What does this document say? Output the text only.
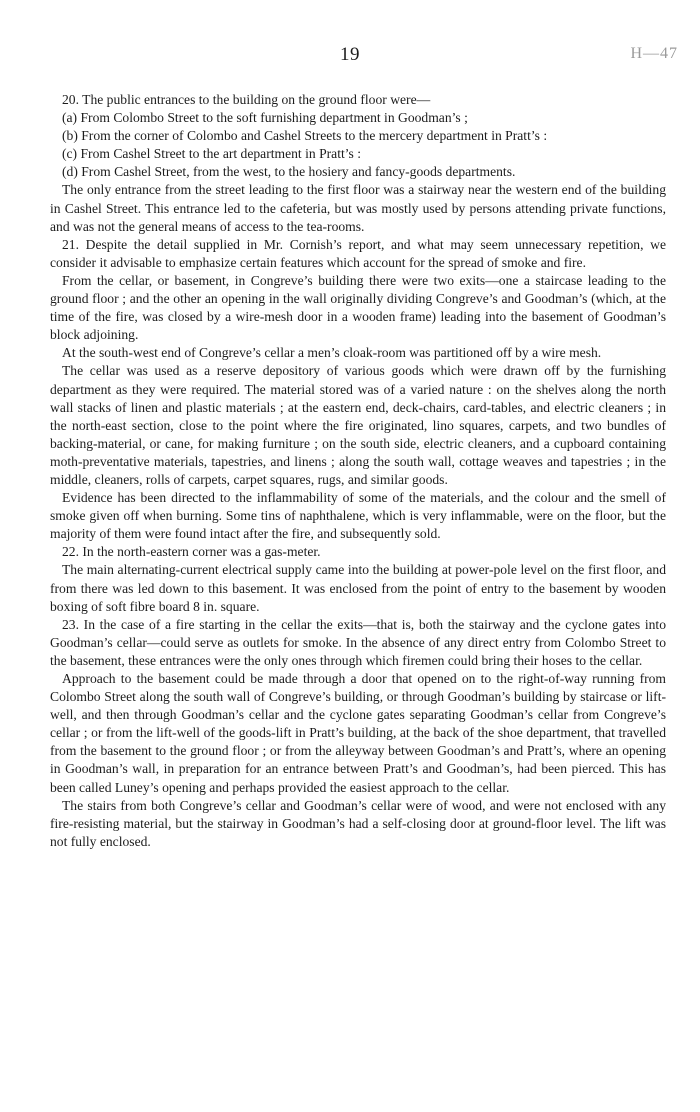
19	H—47

20. The public entrances to the building on the ground floor were—

(a) From Colombo Street to the soft furnishing department in Goodman’s ;

(b) From the corner of Colombo and Cashel Streets to the mercery department in Pratt’s :

(c) From Cashel Street to the art department in Pratt’s :

(d) From Cashel Street, from the west, to the hosiery and fancy-goods departments.

The only entrance from the street leading to the first floor was a stairway near the western end of the building in Cashel Street. This entrance led to the cafeteria, but was mostly used by persons attending private functions, and was not the general means of access to the tea-rooms.

21. Despite the detail supplied in Mr. Cornish’s report, and what may seem unnecessary repetition, we consider it advisable to emphasize certain features which account for the spread of smoke and fire.

From the cellar, or basement, in Congreve’s building there were two exits—one a staircase leading to the ground floor ; and the other an opening in the wall originally dividing Congreve’s and Goodman’s (which, at the time of the fire, was closed by a wire-mesh door in a wooden frame) leading into the basement of Goodman’s block adjoining.

At the south-west end of Congreve’s cellar a men’s cloak-room was partitioned off by a wire mesh.

The cellar was used as a reserve depository of various goods which were drawn off by the furnishing department as they were required. The material stored was of a varied nature : on the shelves along the north wall stacks of linen and plastic materials ; at the eastern end, deck-chairs, card-tables, and electric cleaners ; in the north-east section, close to the point where the fire originated, lino squares, carpets, and two bundles of backing-material, or cane, for making furniture ; on the south side, electric cleaners, and a cupboard containing moth-preventative materials, tapestries, and linens ; along the south wall, cottage weaves and tapestries ; in the middle, cleaners, rolls of carpets, carpet squares, rugs, and similar goods.

Evidence has been directed to the inflammability of some of the materials, and the colour and the smell of smoke given off when burning. Some tins of naphthalene, which is very inflammable, were on the floor, but the majority of them were found intact after the fire, and subsequently sold.

22. In the north-eastern corner was a gas-meter.

The main alternating-current electrical supply came into the building at power-pole level on the first floor, and from there was led down to this basement. It was enclosed from the point of entry to the basement by wooden boxing of soft fibre board 8 in. square.

23. In the case of a fire starting in the cellar the exits—that is, both the stairway and the cyclone gates into Goodman’s cellar—could serve as outlets for smoke. In the absence of any direct entry from Colombo Street to the basement, these entrances were the only ones through which firemen could bring their hoses to the cellar.

Approach to the basement could be made through a door that opened on to the right-of-way running from Colombo Street along the south wall of Congreve’s building, or through Goodman’s building by staircase or lift-well, and then through Goodman’s cellar and the cyclone gates separating Goodman’s cellar from Congreve’s cellar ; or from the lift-well of the goods-lift in Pratt’s building, at the back of the shoe department, that travelled from the basement to the ground floor ; or from the alleyway between Goodman’s and Pratt’s, where an opening in Goodman’s wall, in preparation for an entrance between Pratt’s and Goodman’s, had been pierced. This has been called Luney’s opening and perhaps provided the easiest approach to the cellar.

The stairs from both Congreve’s cellar and Goodman’s cellar were of wood, and were not enclosed with any fire-resisting material, but the stairway in Goodman’s had a self-closing door at ground-floor level. The lift was not fully enclosed.
